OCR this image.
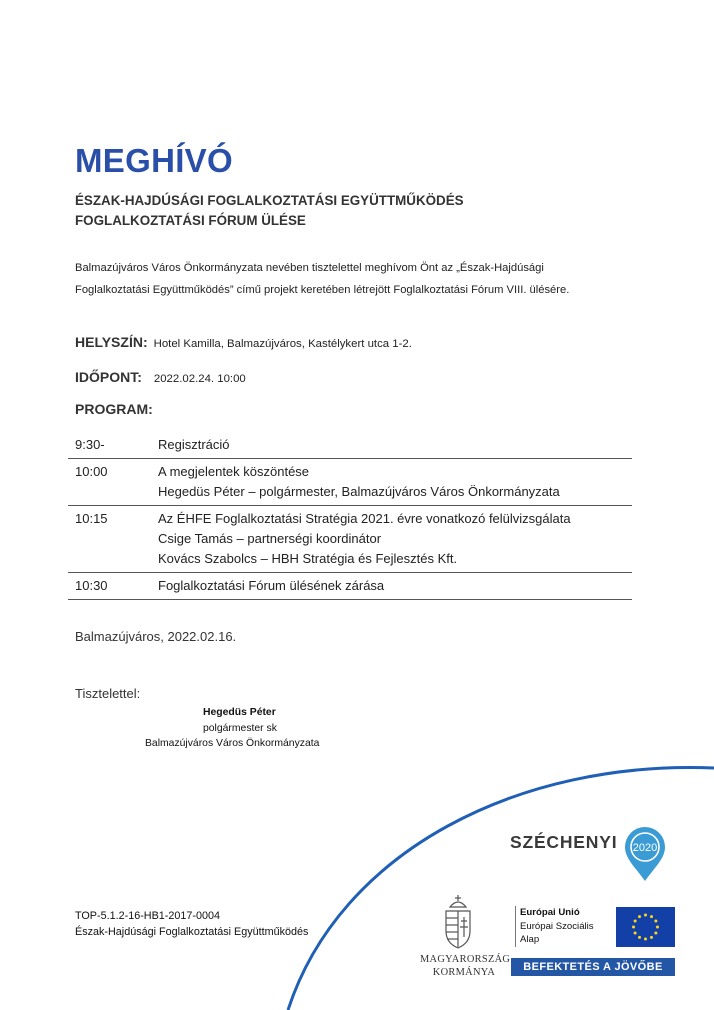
MEGHÍVÓ
ÉSZAK-HAJDÚSÁGI FOGLALKOZTATÁSI EGYÜTTMŰKÖDÉS
FOGLALKOZTATÁSI FÓRUM ÜLÉSE
Balmazújváros Város Önkormányzata nevében tisztelettel meghívom Önt az „Észak-Hajdúsági
Foglalkoztatási Együttműködés” című projekt keretében létrejött Foglalkoztatási Fórum VIII. ülésére.
HELYSZÍN: Hotel Kamilla, Balmazújváros, Kastélykert utca 1-2.
IDŐPONT: 2022.02.24. 10:00
PROGRAM:
9:30-	Regisztráció
10:00	A megjelentek köszöntése
Hegedüs Péter – polgármester, Balmazújváros Város Önkormányzata
10:15	Az ÉHFE Foglalkoztatási Stratégia 2021. évre vonatkozó felülvizsgálata
Csige Tamás – partnerségi koordinátor
Kovács Szabolcs – HBH Stratégia és Fejlesztés Kft.
10:30	Foglalkoztatási Fórum ülésének zárása
Balmazújváros, 2022.02.16.
Tisztelettel:
Hegedüs Péter
polgármester sk
Balmazújváros Város Önkormányzata
SZÉCHENYI 2020
TOP-5.1.2-16-HB1-2017-0004
Észak-Hajdúsági Foglalkoztatási Együttműködés
MAGYARORSZÁG
KORMÁNYA
Európai Unió
Európai Szociális
Alap
BEFEKTETÉS A JÖVŐBE
